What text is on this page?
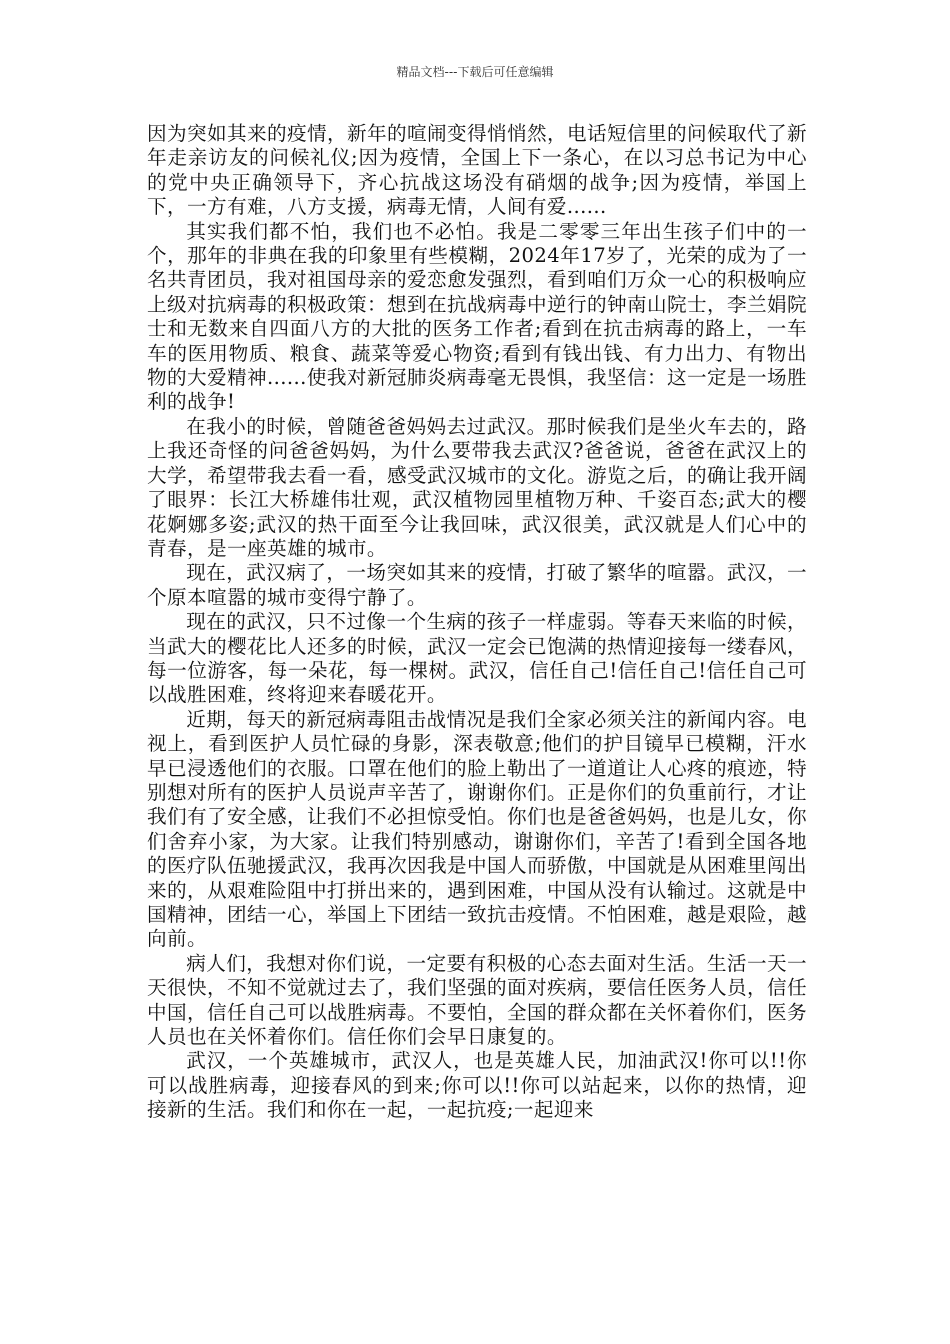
精品文档---下载后可任意编辑

因为突如其来的疫情，新年的喧闹变得悄悄然，电话短信里的问候取代了新年走亲访友的问候礼仪;因为疫情，全国上下一条心，在以习总书记为中心的党中央正确领导下，齐心抗战这场没有硝烟的战争;因为疫情，举国上下，一方有难，八方支援，病毒无情，人间有爱......

其实我们都不怕，我们也不必怕。我是二零零三年出生孩子们中的一个，那年的非典在我的印象里有些模糊，2024年17岁了，光荣的成为了一名共青团员，我对祖国母亲的爱恋愈发强烈，看到咱们万众一心的积极响应上级对抗病毒的积极政策：想到在抗战病毒中逆行的钟南山院士，李兰娟院士和无数来自四面八方的大批的医务工作者;看到在抗击病毒的路上，一车车的医用物质、粮食、蔬菜等爱心物资;看到有钱出钱、有力出力、有物出物的大爱精神......使我对新冠肺炎病毒毫无畏惧，我坚信：这一定是一场胜利的战争!

在我小的时候，曾随爸爸妈妈去过武汉。那时候我们是坐火车去的，路上我还奇怪的问爸爸妈妈，为什么要带我去武汉?爸爸说，爸爸在武汉上的大学，希望带我去看一看，感受武汉城市的文化。游览之后，的确让我开阔了眼界：长江大桥雄伟壮观，武汉植物园里植物万种、千姿百态;武大的樱花婀娜多姿;武汉的热干面至今让我回味，武汉很美，武汉就是人们心中的青春，是一座英雄的城市。

现在，武汉病了，一场突如其来的疫情，打破了繁华的喧嚣。武汉，一个原本喧嚣的城市变得宁静了。

现在的武汉，只不过像一个生病的孩子一样虚弱。等春天来临的时候，当武大的樱花比人还多的时候，武汉一定会已饱满的热情迎接每一缕春风，每一位游客，每一朵花，每一棵树。武汉，信任自己!信任自己!信任自己可以战胜困难，终将迎来春暖花开。

近期，每天的新冠病毒阻击战情况是我们全家必须关注的新闻内容。电视上，看到医护人员忙碌的身影，深表敬意;他们的护目镜早已模糊，汗水早已浸透他们的衣服。口罩在他们的脸上勒出了一道道让人心疼的痕迹，特别想对所有的医护人员说声辛苦了，谢谢你们。正是你们的负重前行，才让我们有了安全感，让我们不必担惊受怕。你们也是爸爸妈妈，也是儿女，你们舍弃小家，为大家。让我们特别感动，谢谢你们，辛苦了!看到全国各地的医疗队伍驰援武汉，我再次因我是中国人而骄傲，中国就是从困难里闯出来的，从艰难险阻中打拼出来的，遇到困难，中国从没有认输过。这就是中国精神，团结一心，举国上下团结一致抗击疫情。不怕困难，越是艰险，越向前。

病人们，我想对你们说，一定要有积极的心态去面对生活。生活一天一天很快，不知不觉就过去了，我们坚强的面对疾病，要信任医务人员，信任中国，信任自己可以战胜病毒。不要怕，全国的群众都在关怀着你们，医务人员也在关怀着你们。信任你们会早日康复的。

武汉，一个英雄城市，武汉人，也是英雄人民，加油武汉!你可以!!你可以战胜病毒，迎接春风的到来;你可以!!你可以站起来，以你的热情，迎接新的生活。我们和你在一起，一起抗疫;一起迎来
